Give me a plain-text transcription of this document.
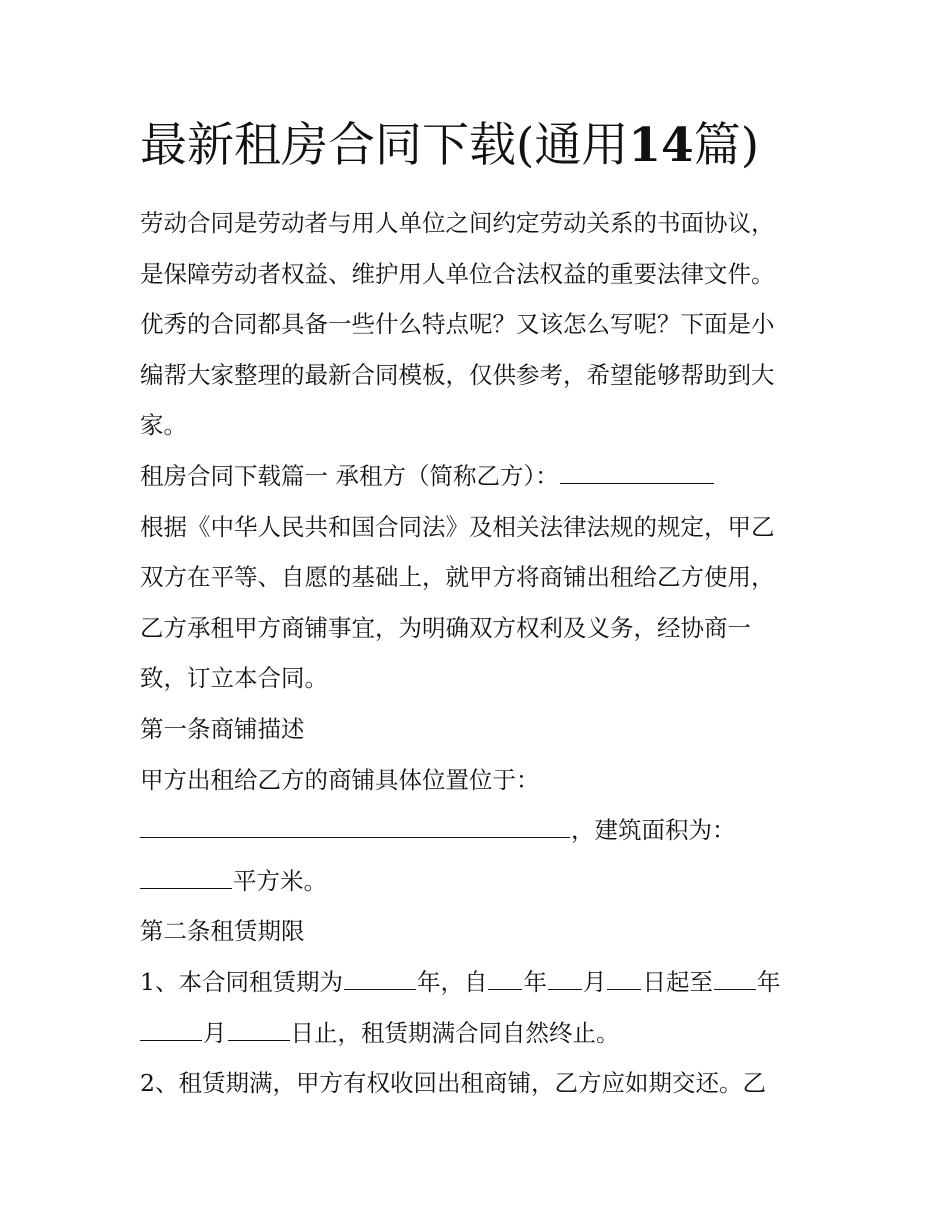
最新租房合同下载(通用14篇)

劳动合同是劳动者与用人单位之间约定劳动关系的书面协议，

是保障劳动者权益、维护用人单位合法权益的重要法律文件。

优秀的合同都具备一些什么特点呢？又该怎么写呢？下面是小

编帮大家整理的最新合同模板，仅供参考，希望能够帮助到大

家。

租房合同下载篇一 承租方（简称乙方）：

根据《中华人民共和国合同法》及相关法律法规的规定，甲乙

双方在平等、自愿的基础上，就甲方将商铺出租给乙方使用，

乙方承租甲方商铺事宜，为明确双方权利及义务，经协商一

致，订立本合同。

第一条商铺描述

甲方出租给乙方的商铺具体位置位于：

，建筑面积为：

平方米。

第二条租赁期限

1、本合同租赁期为	年，自 年 月 日起至 年

月	日止，租赁期满合同自然终止。

2、租赁期满，甲方有权收回出租商铺，乙方应如期交还。乙
